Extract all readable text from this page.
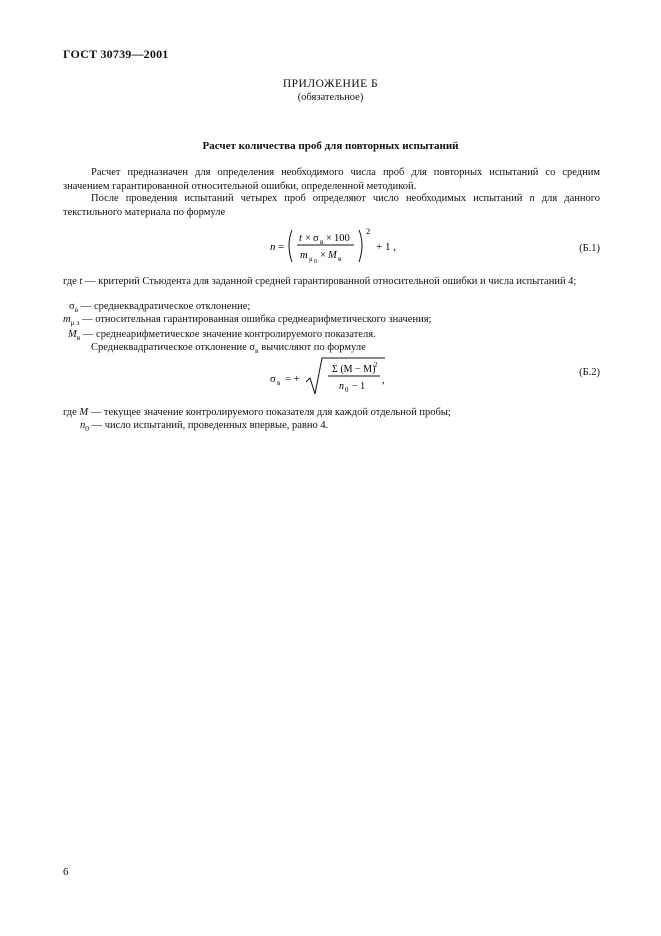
ГОСТ 30739—2001
ПРИЛОЖЕНИЕ Б
(обязательное)
Расчет количества проб для повторных испытаний
Расчет предназначен для определения необходимого числа проб для повторных испытаний со средним значением гарантированной относительной ошибки, определенной методикой.
После проведения испытаний четырех проб определяют число необходимых испытаний n для данного текстильного материала по формуле
n =
t × σ в × 100
m μ 0
× M в
2
+ 1 ,	(Б.1)
где t — критерий Стьюдента для заданной средней гарантированной относительной ошибки и числа испытаний 4;
$\sigma_в$ — среднеквадратическое отклонение;
$m_{\mu з}$ — относительная гарантированная ошибка среднеарифметического значения;
$M_в$ — среднеарифметическое значение контролируемого показателя.
Среднеквадратическое отклонение $\sigma_в$ вычисляют по формуле
σ в = +
Σ (M − M)
2
n 0 − 1
,
(Б.2)
где M — текущее значение контролируемого показателя для каждой отдельной пробы;
$n_0$ — число испытаний, проведенных впервые, равно 4.
6
